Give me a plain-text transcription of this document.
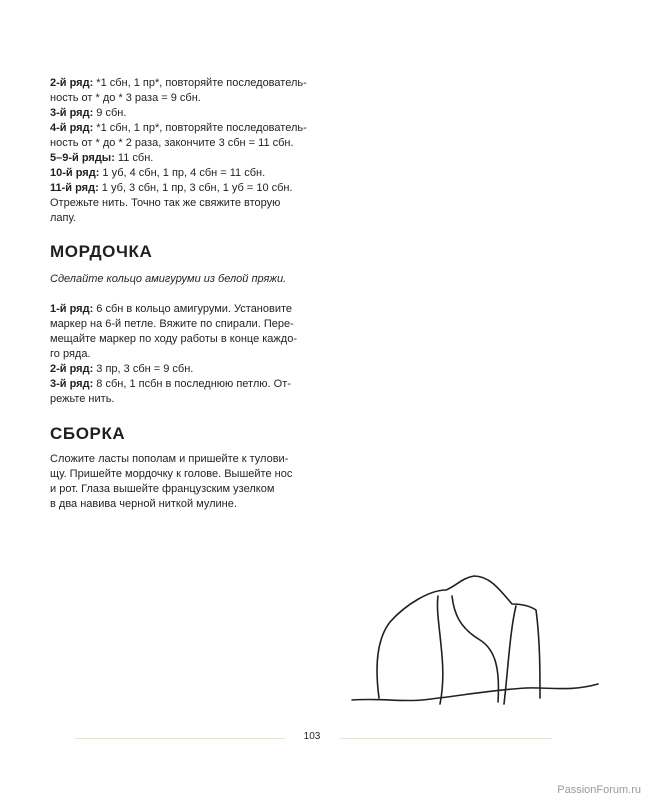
2-й ряд: *1 сбн, 1 пр*, повторяйте последователь-
ность от * до * 3 раза = 9 сбн.
3-й ряд: 9 сбн.
4-й ряд: *1 сбн, 1 пр*, повторяйте последователь-
ность от * до * 2 раза, закончите 3 сбн = 11 сбн.
5–9-й ряды: 11 сбн.
10-й ряд: 1 уб, 4 сбн, 1 пр, 4 сбн = 11 сбн.
11-й ряд: 1 уб, 3 сбн, 1 пр, 3 сбн, 1 уб = 10 сбн.
Отрежьте нить. Точно так же свяжите вторую
лапу.
МОРДОЧКА
Сделайте кольцо амигуруми из белой пряжи.
1-й ряд: 6 сбн в кольцо амигуруми. Установите
маркер на 6-й петле. Вяжите по спирали. Пере-
мещайте маркер по ходу работы в конце каждо-
го ряда.
2-й ряд: 3 пр, 3 сбн = 9 сбн.
3-й ряд: 8 сбн, 1 псбн в последнюю петлю. От-
режьте нить.
СБОРКА
Сложите ласты пополам и пришейте к тулови-
щу. Пришейте мордочку к голове. Вышейте нос
и рот. Глаза вышейте французским узелком
в два навива черной ниткой мулине.
103
PassionForum.ru
